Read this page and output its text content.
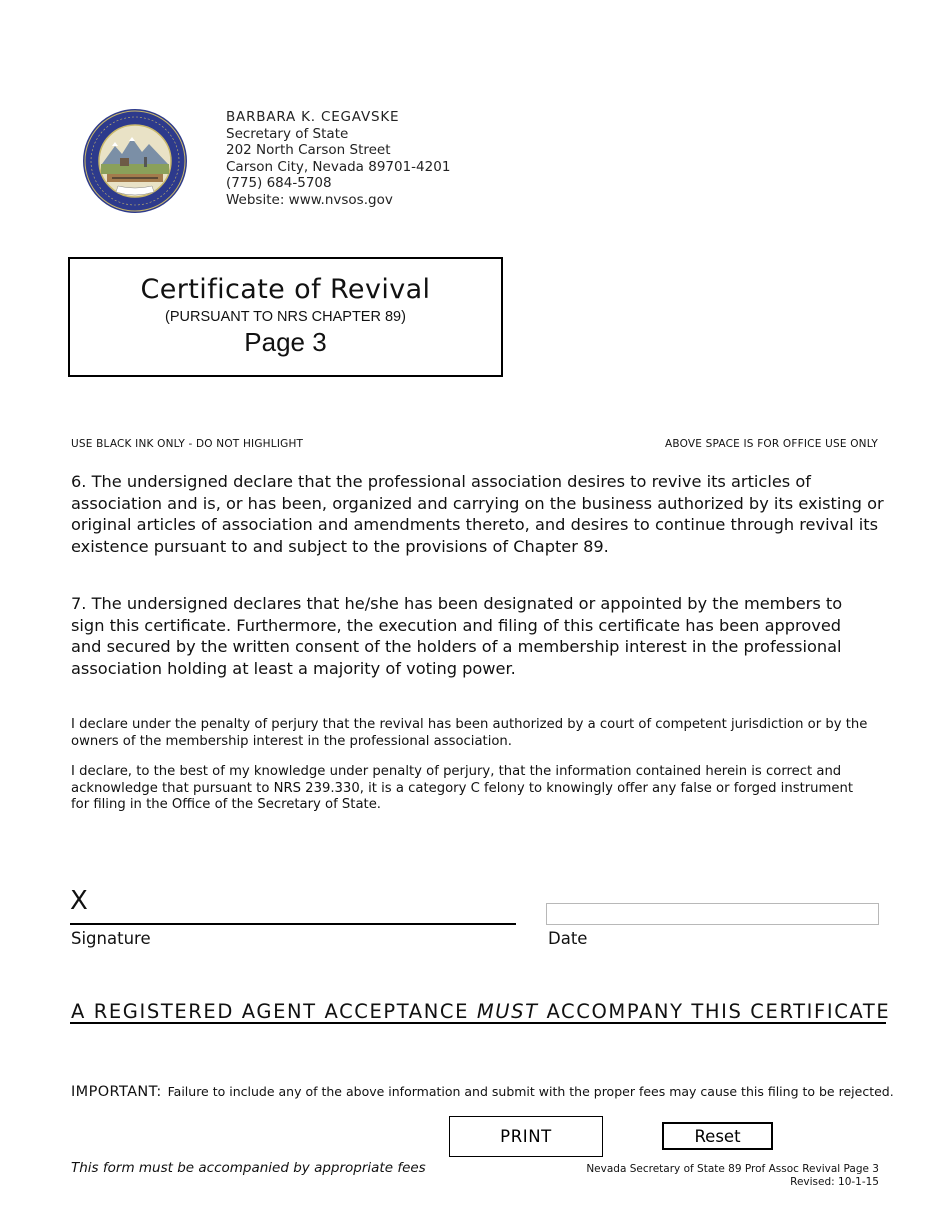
BARBARA K. CEGAVSKE
Secretary of State
202 North Carson Street
Carson City, Nevada 89701-4201
(775) 684-5708
Website: www.nvsos.gov
Certificate of Revival
(PURSUANT TO NRS CHAPTER 89)
Page 3
USE BLACK INK ONLY - DO NOT HIGHLIGHT	ABOVE SPACE IS FOR OFFICE USE ONLY
6. The undersigned declare that the professional association desires to revive its articles of association and is, or has been, organized and carrying on the business authorized by its existing or original articles of association and amendments thereto, and desires to continue through revival its existence pursuant to and subject to the provisions of Chapter 89.
7. The undersigned declares that he/she has been designated or appointed by the members to sign this certificate. Furthermore, the execution and filing of this certificate has been approved and secured by the written consent of the holders of a membership interest in the professional association holding at least a majority of voting power.
I declare under the penalty of perjury that the revival has been authorized by a court of competent jurisdiction or by the owners of the membership interest in the professional association.
I declare, to the best of my knowledge under penalty of perjury, that the information contained herein is correct and acknowledge that pursuant to NRS 239.330, it is a category C felony to knowingly offer any false or forged instrument for filing in the Office of the Secretary of State.
X
Signature	Date
A REGISTERED AGENT ACCEPTANCE MUST ACCOMPANY THIS CERTIFICATE
IMPORTANT: Failure to include any of the above information and submit with the proper fees may cause this filing to be rejected.
PRINT	Reset
This form must be accompanied by appropriate fees	Nevada Secretary of State 89 Prof Assoc Revival Page 3
Revised: 10-1-15
